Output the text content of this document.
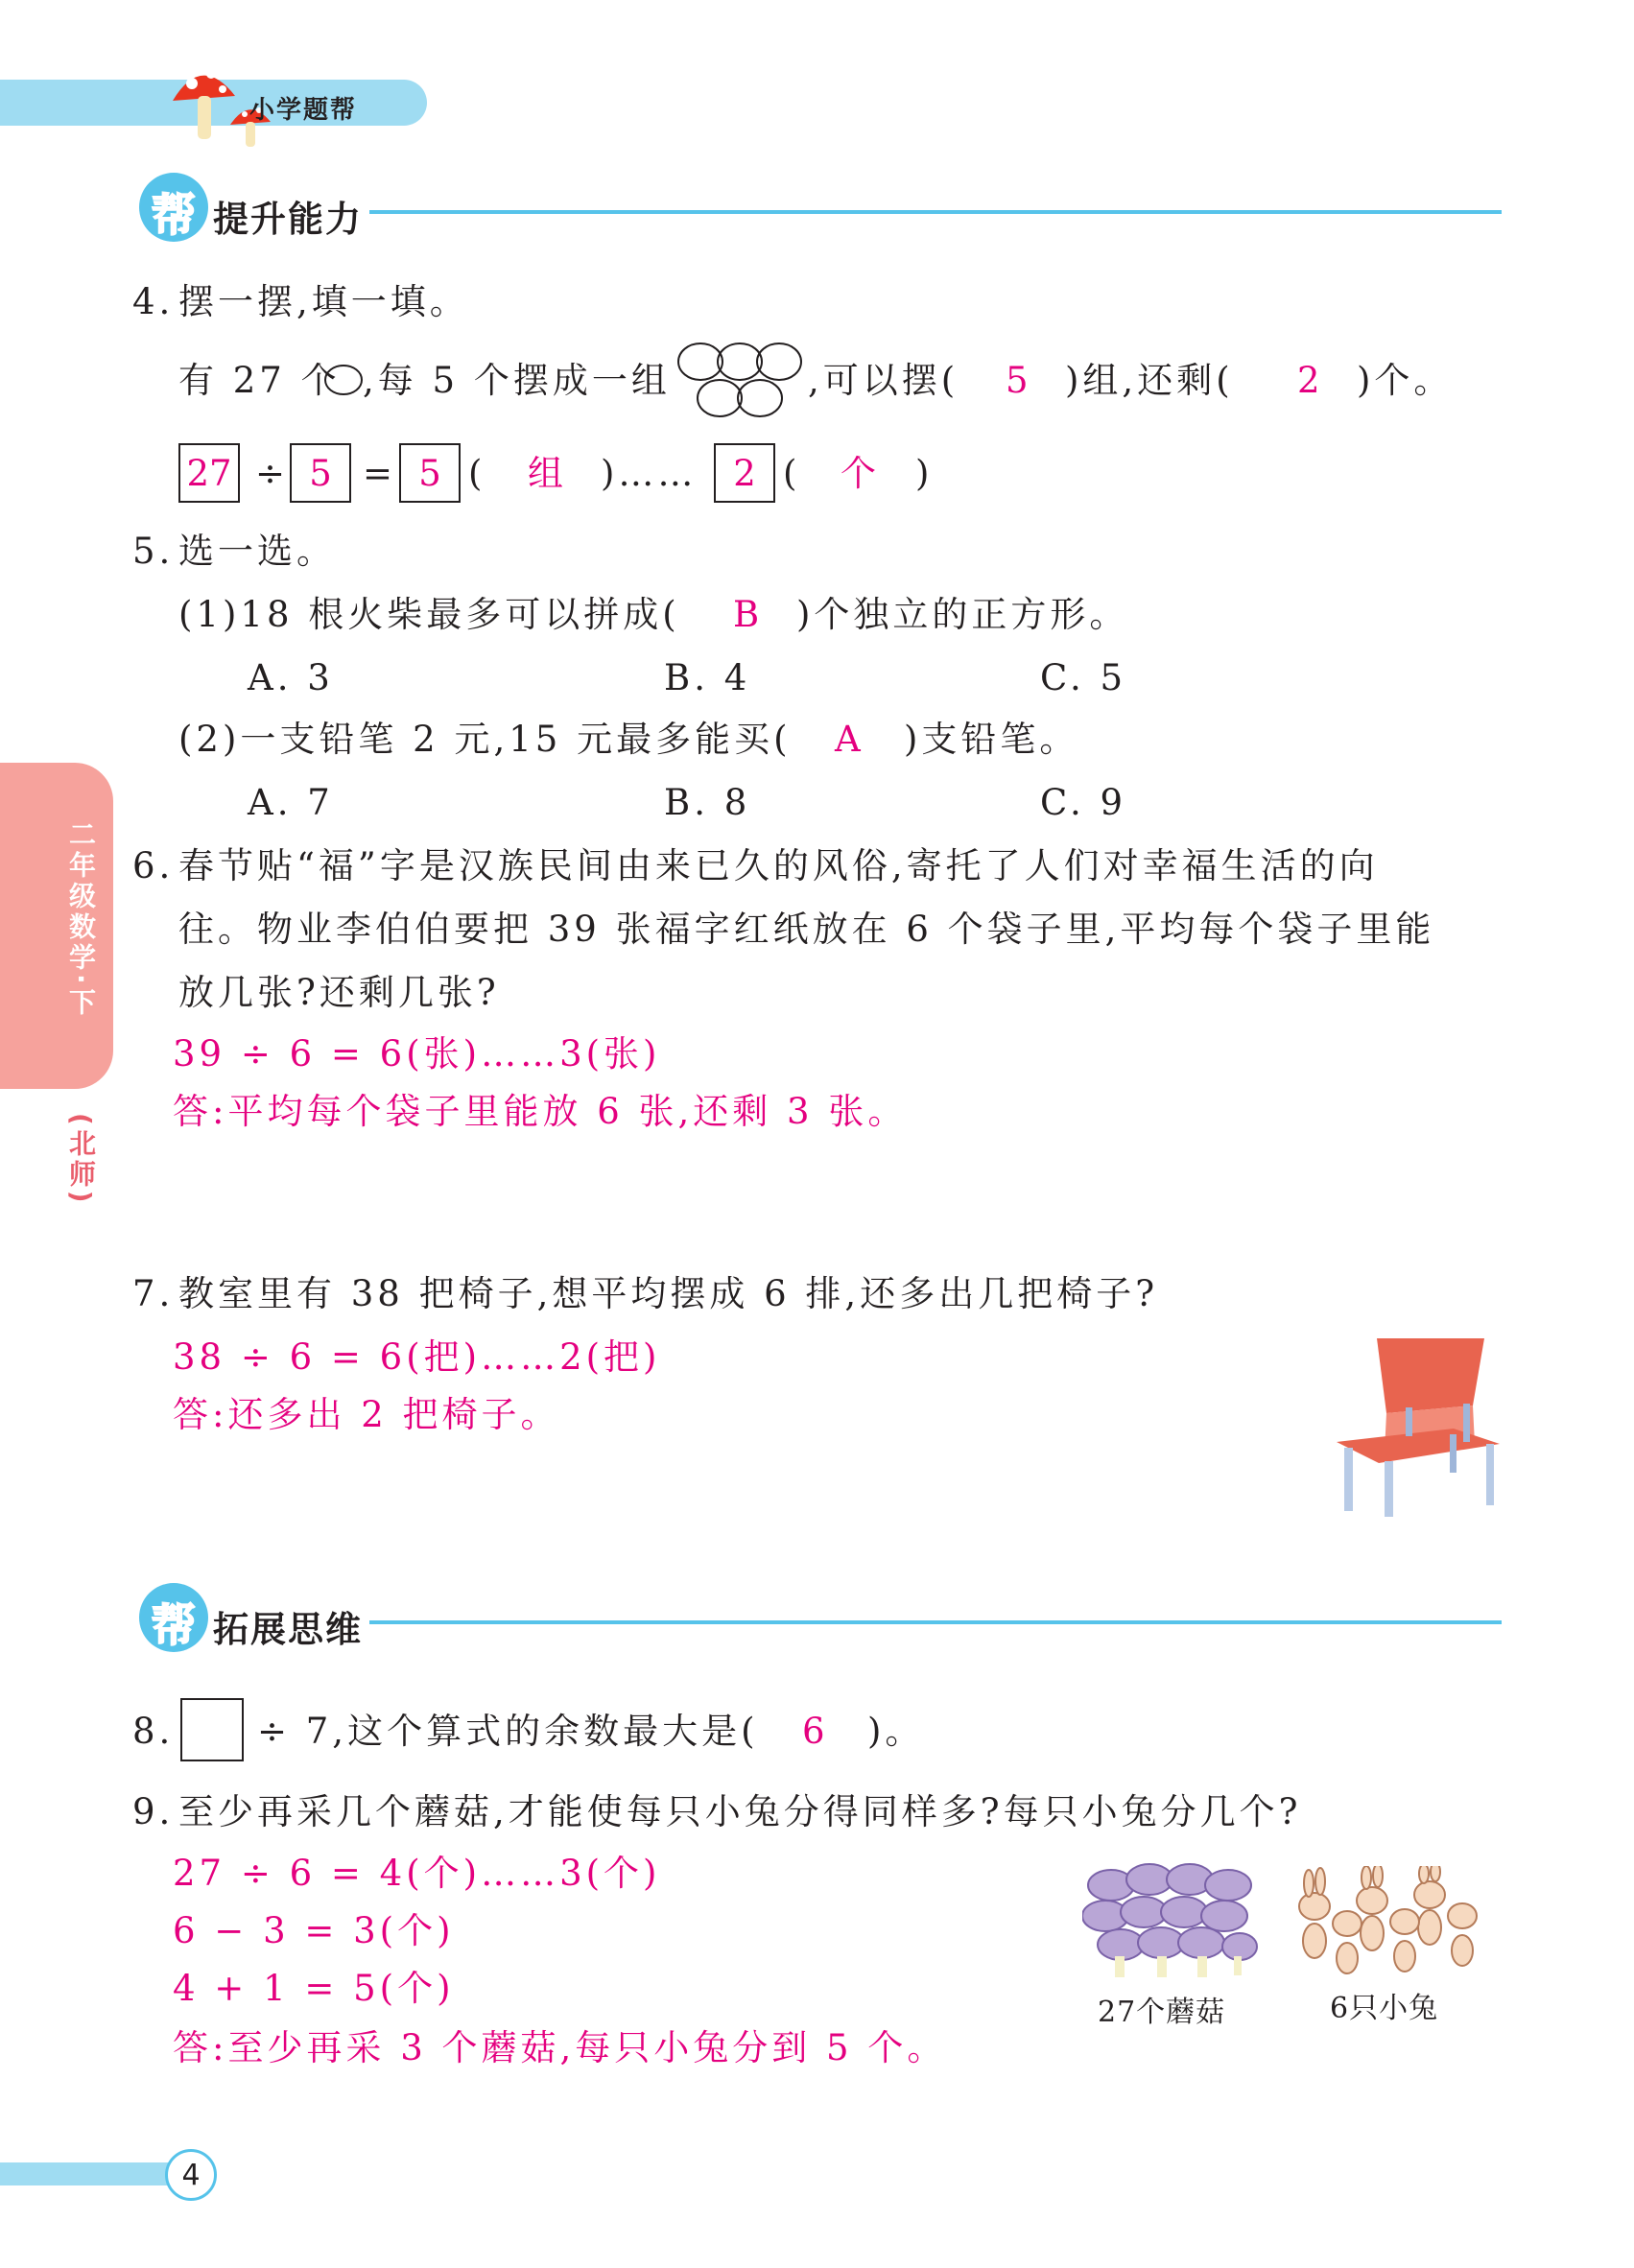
小学题帮
帮 提升能力
4. 摆一摆,填一填。
有 27 个 ,每 5 个摆成一组	,可以摆( 5 )组,还剩( 2 )个。
27 ÷ 5 = 5 ( 组 )……	2 ( 个 )
5. 选一选。
(1)18 根火柴最多可以拼成( B )个独立的正方形。
A. 3	B. 4	C. 5
(2)一支铅笔 2 元,15 元最多能买( A )支铅笔。
A. 7	B. 8	C. 9
二年级数学·下
(北师)
6. 春节贴“福”字是汉族民间由来已久的风俗,寄托了人们对幸福生活的向
往。物业李伯伯要把 39 张福字红纸放在 6 个袋子里,平均每个袋子里能
放几张?还剩几张?
39 ÷ 6 = 6(张)……3(张)
答:平均每个袋子里能放 6 张,还剩 3 张。
7. 教室里有 38 把椅子,想平均摆成 6 排,还多出几把椅子?
38 ÷ 6 = 6(把)……2(把)
答:还多出 2 把椅子。
帮 拓展思维
8. ÷ 7,这个算式的余数最大是( 6 )。
9. 至少再采几个蘑菇,才能使每只小兔分得同样多?每只小兔分几个?
27 ÷ 6 = 4(个)……3(个)
6 − 3 = 3(个)
4 + 1 = 5(个)
答:至少再采 3 个蘑菇,每只小兔分到 5 个。
27个蘑菇	6只小兔
4
